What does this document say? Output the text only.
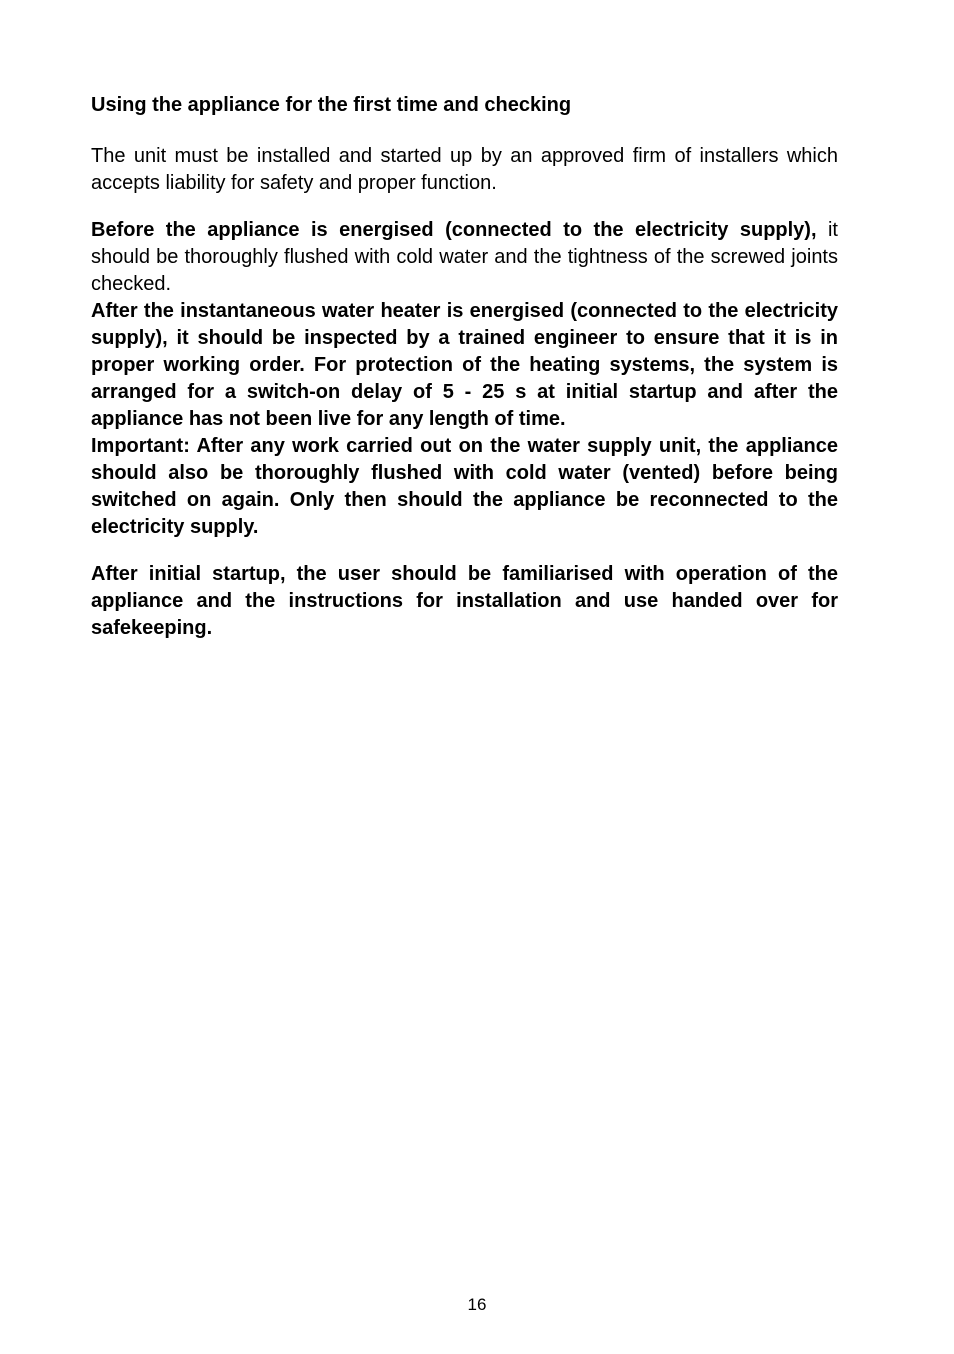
Using the appliance for the first time and checking

The unit must be installed and started up by an approved firm of installers which accepts liability for safety and proper function.

Before the appliance is energised (connected to the electricity supply), it should be thoroughly flushed with cold water and the tightness of the screwed joints checked.

After the instantaneous water heater is energised (connected to the electricity supply), it should be inspected by a trained engineer to ensure that it is in proper working order. For protection of the heating systems, the system is arranged for a switch-on delay of 5 - 25 s at initial startup and after the appliance has not been live for any length of time.

Important: After any work carried out on the water supply unit, the appliance should also be thoroughly flushed with cold water (vented) before being switched on again. Only then should the appliance be reconnected to the electricity supply.

After initial startup, the user should be familiarised with operation of the appliance and the instructions for installation and use handed over for safekeeping.

16
